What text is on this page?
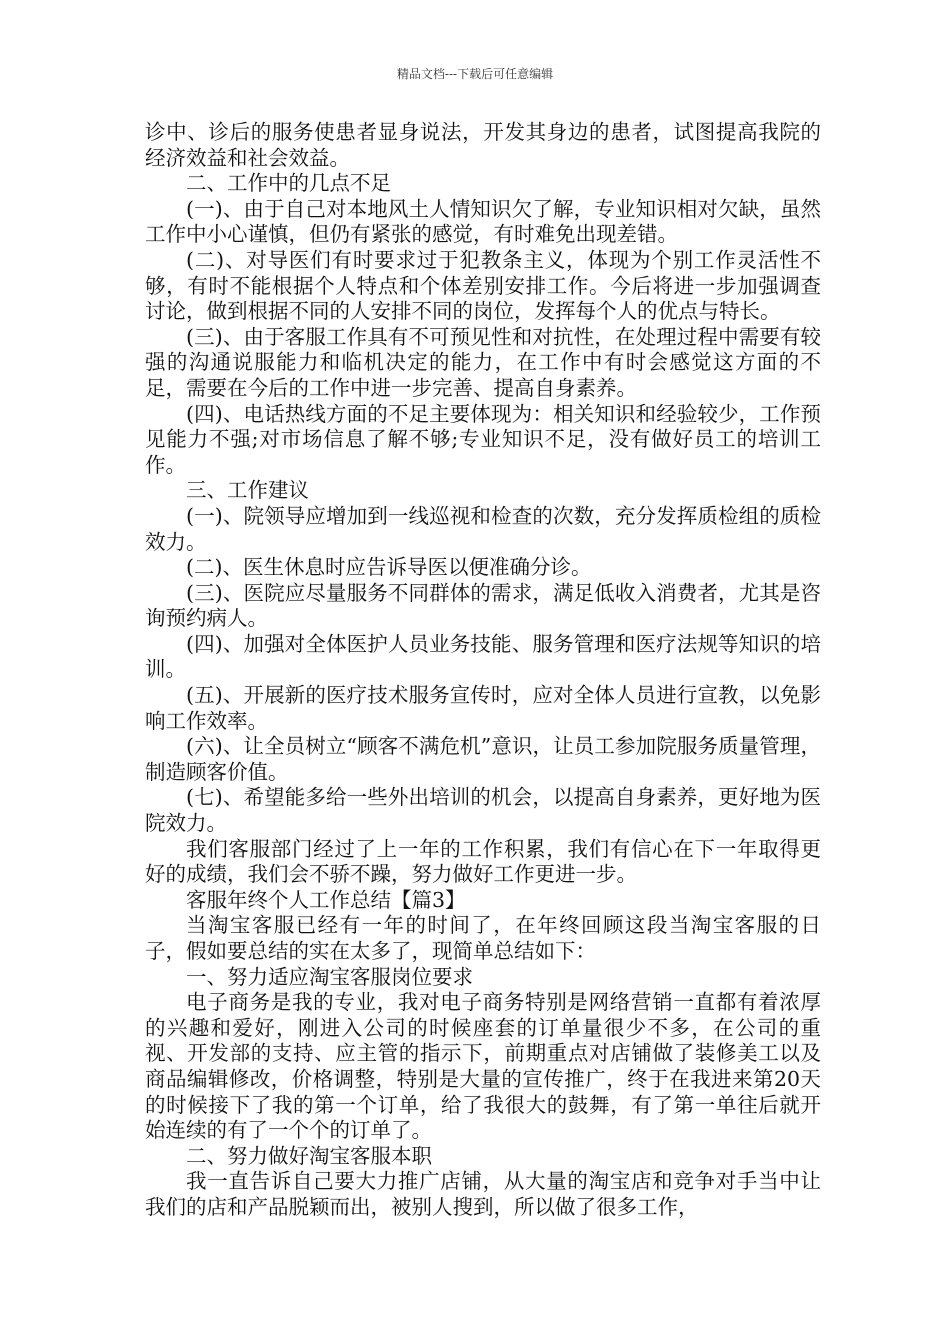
精品文档---下载后可任意编辑

诊中、诊后的服务使患者显身说法，开发其身边的患者，试图提高我院的经济效益和社会效益。

二、工作中的几点不足

(一)、由于自己对本地风土人情知识欠了解，专业知识相对欠缺，虽然工作中小心谨慎，但仍有紧张的感觉，有时难免出现差错。

(二)、对导医们有时要求过于犯教条主义，体现为个别工作灵活性不够，有时不能根据个人特点和个体差别安排工作。今后将进一步加强调查讨论，做到根据不同的人安排不同的岗位，发挥每个人的优点与特长。

(三)、由于客服工作具有不可预见性和对抗性，在处理过程中需要有较强的沟通说服能力和临机决定的能力，在工作中有时会感觉这方面的不足，需要在今后的工作中进一步完善、提高自身素养。

(四)、电话热线方面的不足主要体现为：相关知识和经验较少，工作预见能力不强;对市场信息了解不够;专业知识不足，没有做好员工的培训工作。

三、工作建议

(一)、院领导应增加到一线巡视和检查的次数，充分发挥质检组的质检效力。

(二)、医生休息时应告诉导医以便准确分诊。

(三)、医院应尽量服务不同群体的需求，满足低收入消费者，尤其是咨询预约病人。

(四)、加强对全体医护人员业务技能、服务管理和医疗法规等知识的培训。

(五)、开展新的医疗技术服务宣传时，应对全体人员进行宣教，以免影响工作效率。

(六)、让全员树立“顾客不满危机”意识，让员工参加院服务质量管理，制造顾客价值。

(七)、希望能多给一些外出培训的机会，以提高自身素养，更好地为医院效力。

我们客服部门经过了上一年的工作积累，我们有信心在下一年取得更好的成绩，我们会不骄不躁，努力做好工作更进一步。

客服年终个人工作总结【篇3】

当淘宝客服已经有一年的时间了，在年终回顾这段当淘宝客服的日子，假如要总结的实在太多了，现简单总结如下：

一、努力适应淘宝客服岗位要求

电子商务是我的专业，我对电子商务特别是网络营销一直都有着浓厚的兴趣和爱好，刚进入公司的时候座套的订单量很少不多，在公司的重视、开发部的支持、应主管的指示下，前期重点对店铺做了装修美工以及商品编辑修改，价格调整，特别是大量的宣传推广，终于在我进来第20天的时候接下了我的第一个订单，给了我很大的鼓舞，有了第一单往后就开始连续的有了一个个的订单了。

二、努力做好淘宝客服本职

我一直告诉自己要大力推广店铺，从大量的淘宝店和竞争对手当中让我们的店和产品脱颖而出，被别人搜到，所以做了很多工作，
